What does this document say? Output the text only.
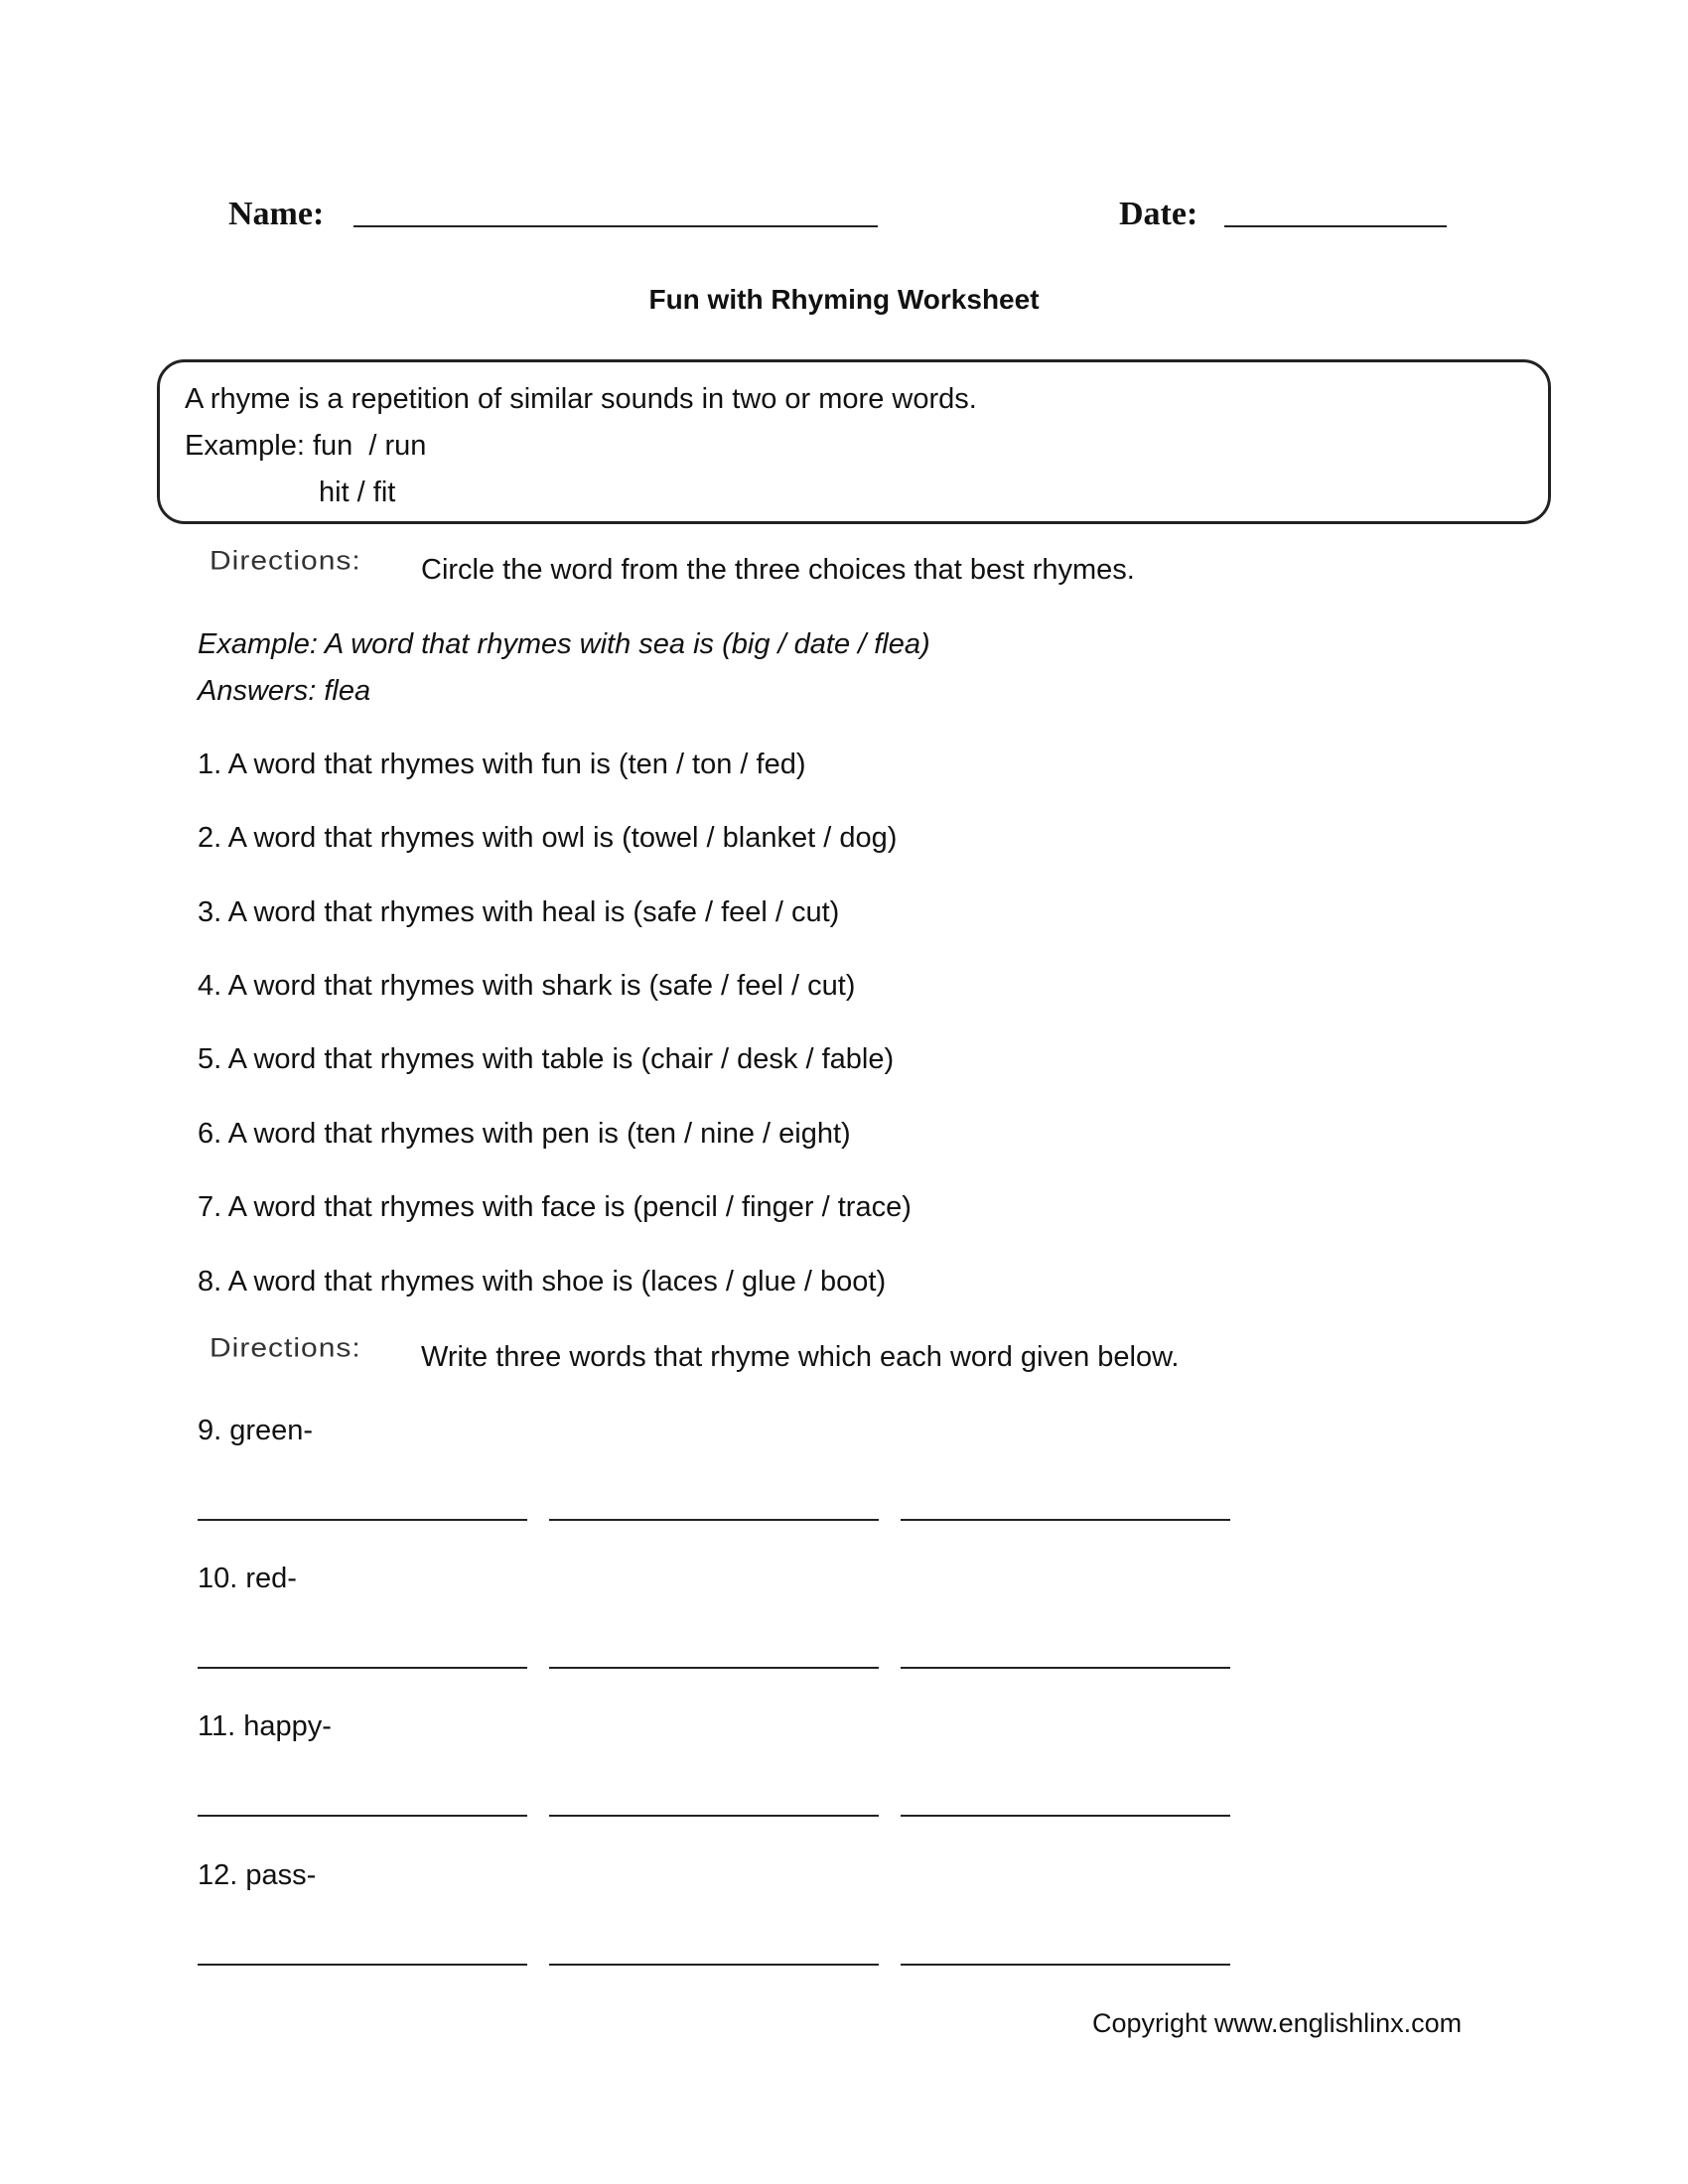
Name:	Date:
Fun with Rhyming Worksheet
A rhyme is a repetition of similar sounds in two or more words.
Example: fun  / run
hit / fit
Directions: Circle the word from the three choices that best rhymes.
Example: A word that rhymes with sea is (big / date / flea)
Answers: flea
1. A word that rhymes with fun is (ten / ton / fed)
2. A word that rhymes with owl is (towel / blanket / dog)
3. A word that rhymes with heal is (safe / feel / cut)
4. A word that rhymes with shark is (safe / feel / cut)
5. A word that rhymes with table is (chair / desk / fable)
6. A word that rhymes with pen is (ten / nine / eight)
7. A word that rhymes with face is (pencil / finger / trace)
8. A word that rhymes with shoe is (laces / glue / boot)
Directions: Write three words that rhyme which each word given below.
9. green-
10. red-
11. happy-
12. pass-
Copyright www.englishlinx.com
